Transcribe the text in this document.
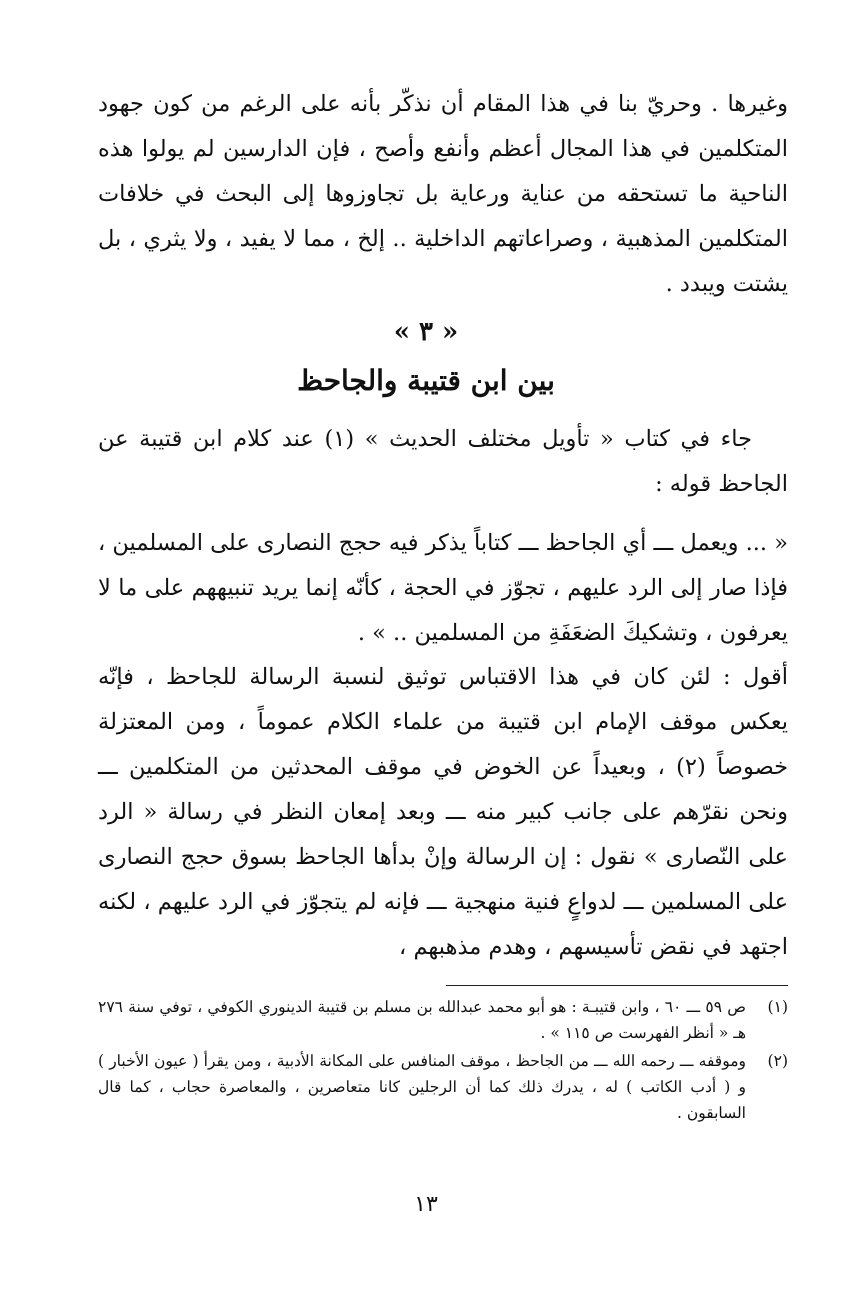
وغيرها . وحريّ بنا في هذا المقام أن نذكّر بأنه على الرغم من كون جهود المتكلمين في هذا المجال أعظم وأنفع وأصح ، فإن الدارسين لم يولوا هذه الناحية ما تستحقه من عناية ورعاية بل تجاوزوها إلى البحث في خلافات المتكلمين المذهبية ، وصراعاتهم الداخلية .. إلخ ، مما لا يفيد ، ولا يثري ، بل يشتت ويبدد .

« ٣ »
بين ابن قتيبة والجاحظ

جاء في كتاب « تأويل مختلف الحديث » (١) عند كلام ابن قتيبة عن الجاحظ قوله :

« ... ويعمل ـــ أي الجاحظ ـــ كتاباً يذكر فيه حجج النصارى على المسلمين ، فإذا صار إلى الرد عليهم ، تجوّز في الحجة ، كأنّه إنما يريد تنبيههم على ما لا يعرفون ، وتشكيكَ الضعَفَةِ من المسلمين .. » .

أقول : لئن كان في هذا الاقتباس توثيق لنسبة الرسالة للجاحظ ، فإنّه يعكس موقف الإمام ابن قتيبة من علماء الكلام عموماً ، ومن المعتزلة خصوصاً (٢) ، وبعيداً عن الخوض في موقف المحدثين من المتكلمين ـــ ونحن نقرّهم على جانب كبير منه ـــ وبعد إمعان النظر في رسالة « الرد على النّصارى » نقول : إن الرسالة وإنْ بدأها الجاحظ بسوق حجج النصارى على المسلمين ـــ لدواعٍ فنية منهجية ـــ فإنه لم يتجوّز في الرد عليهم ، لكنه اجتهد في نقض تأسيسهم ، وهدم مذهبهم ،

(١)
ص ٥٩ ـــ ٦٠ ، وابن قتيبـة : هو أبو محمد عبدالله بن مسلم بن قتيبة الدينوري الكوفي ، توفي سنة ٢٧٦ هـ « أنظر الفهرست ص ١١٥ » .
(٢)
وموقفه ـــ رحمه الله ـــ من الجاحظ ، موقف المنافس على المكانة الأدبية ، ومن يقرأ ( عيون الأخبار ) و ( أدب الكاتب ) له ، يدرك ذلك كما أن الرجلين كانا متعاصرين ، والمعاصرة حجاب ، كما قال السابقون .
١٣
